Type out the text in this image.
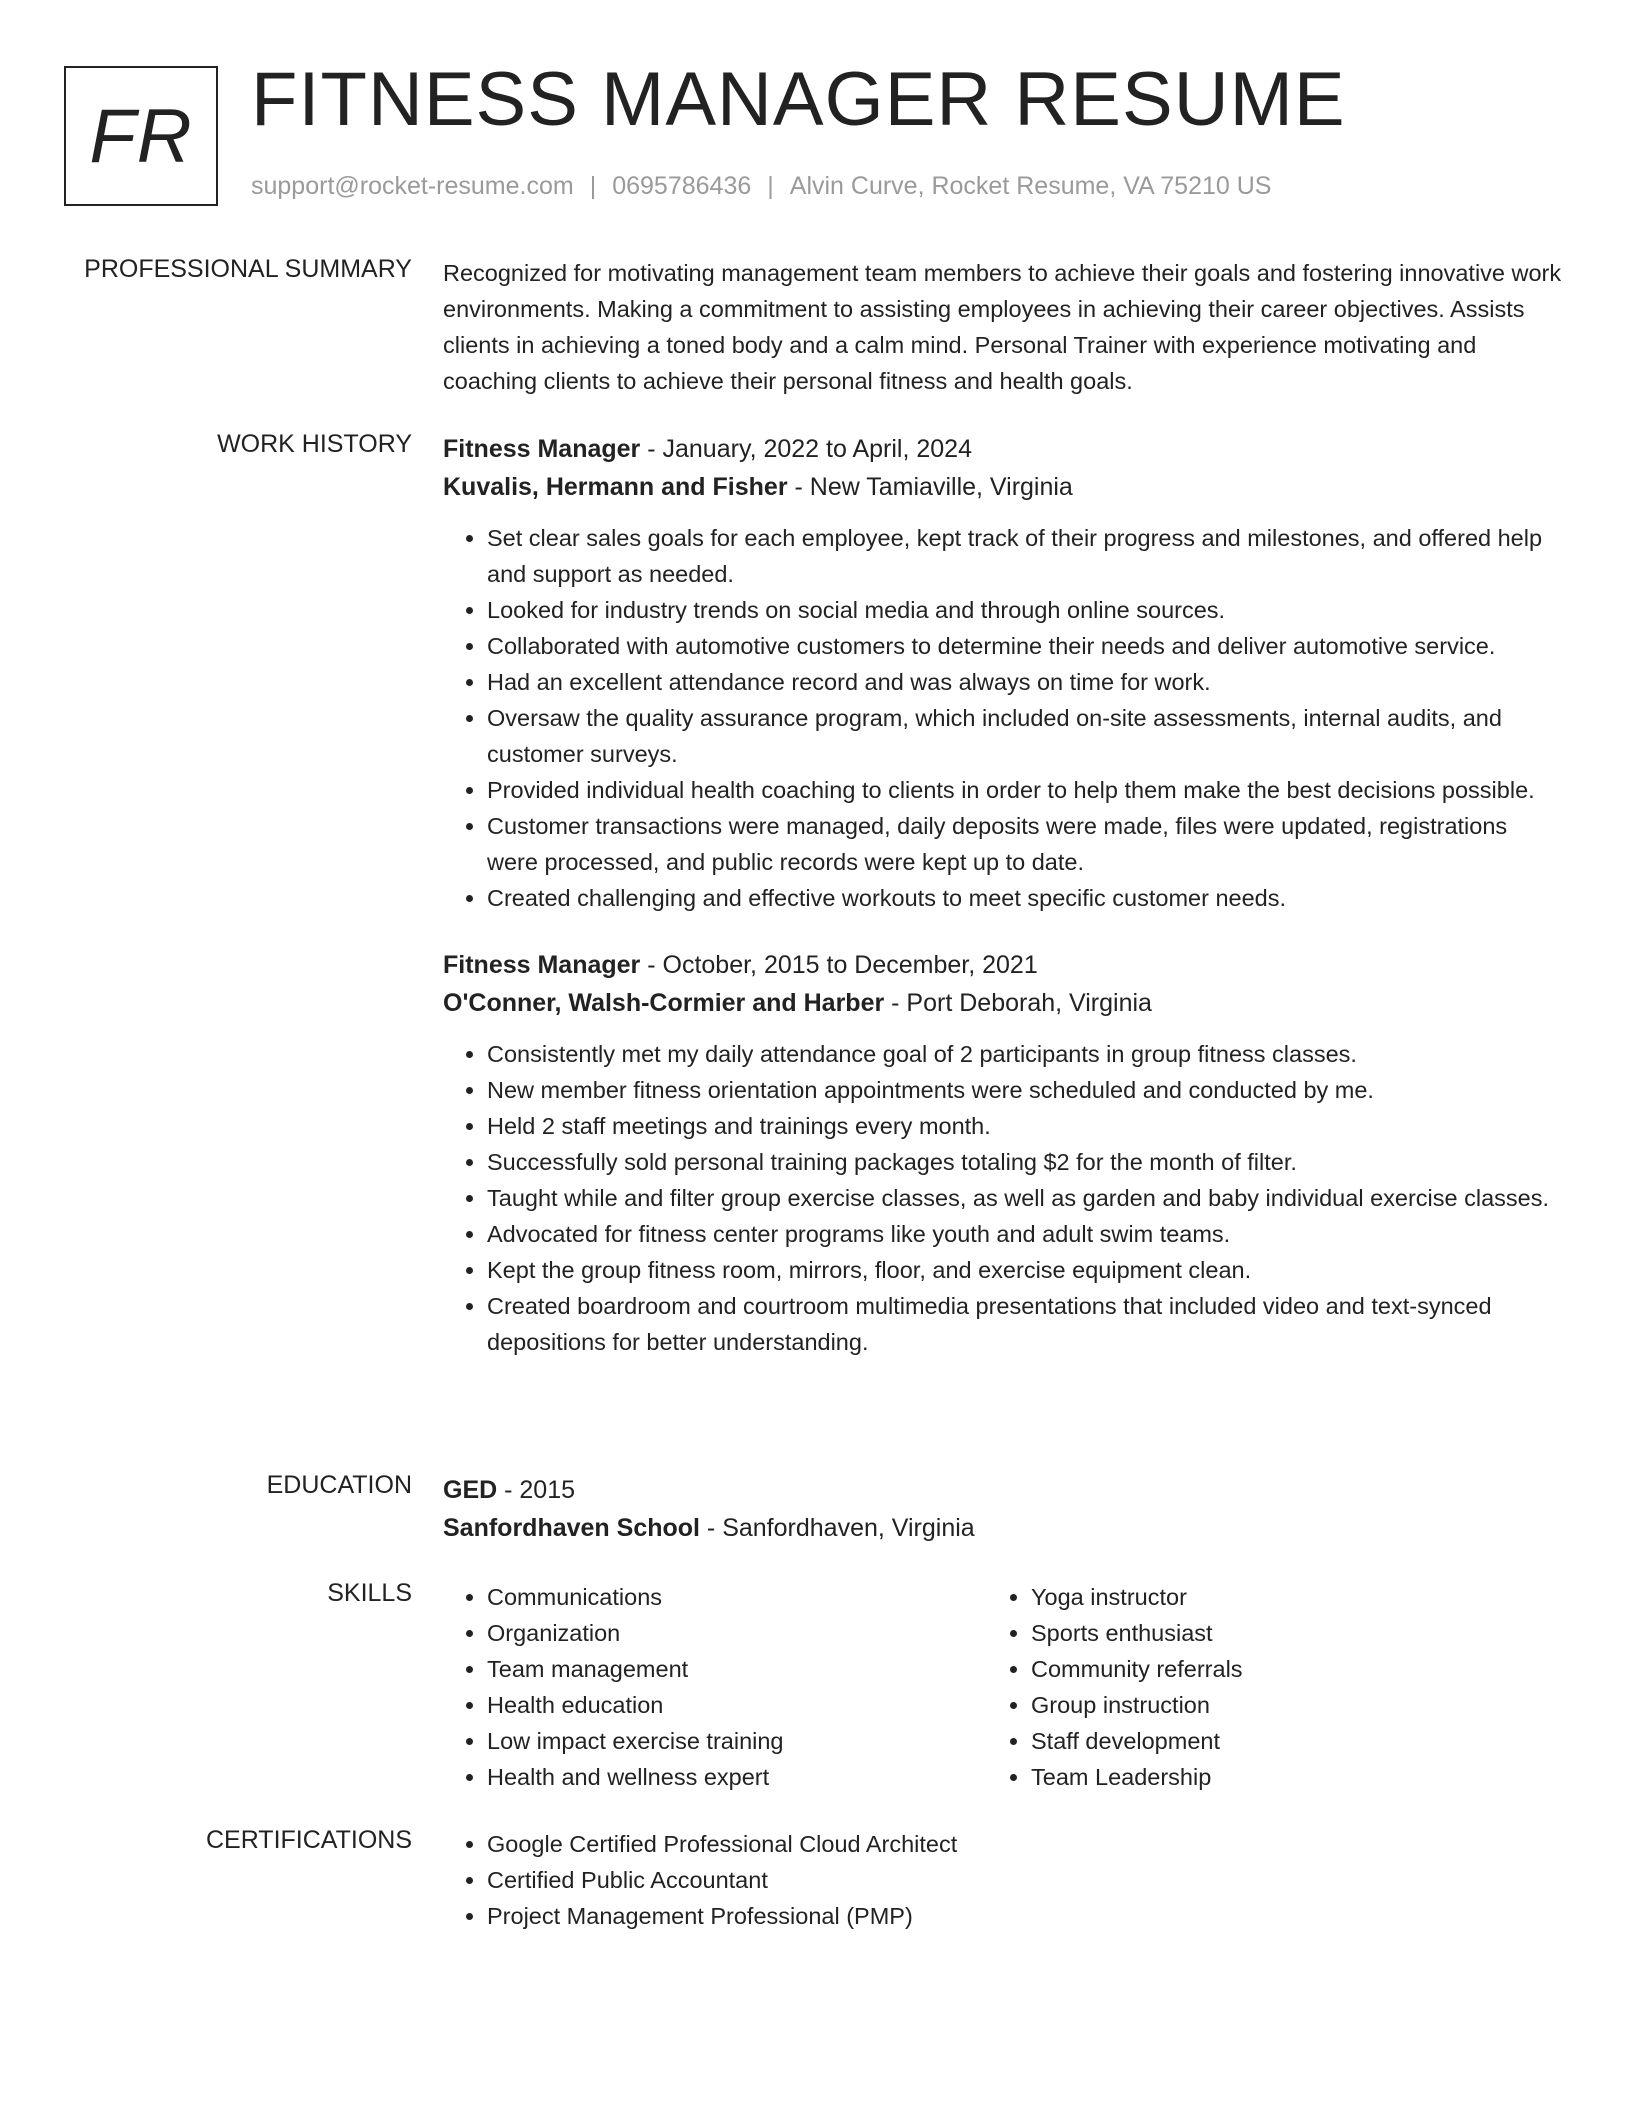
FR FITNESS MANAGER RESUME
support@rocket-resume.com | 0695786436 | Alvin Curve, Rocket Resume, VA 75210 US
PROFESSIONAL SUMMARY Recognized for motivating management team members to achieve their goals and fostering innovative work environments. Making a commitment to assisting employees in achieving their career objectives. Assists clients in achieving a toned body and a calm mind. Personal Trainer with experience motivating and coaching clients to achieve their personal fitness and health goals.

WORK HISTORY Fitness Manager - January, 2022 to April, 2024
Kuvalis, Hermann and Fisher - New Tamiaville, Virginia
• Set clear sales goals for each employee, kept track of their progress and milestones, and offered help and support as needed.
• Looked for industry trends on social media and through online sources.
• Collaborated with automotive customers to determine their needs and deliver automotive service.
• Had an excellent attendance record and was always on time for work.
• Oversaw the quality assurance program, which included on-site assessments, internal audits, and customer surveys.
• Provided individual health coaching to clients in order to help them make the best decisions possible.
• Customer transactions were managed, daily deposits were made, files were updated, registrations were processed, and public records were kept up to date.
• Created challenging and effective workouts to meet specific customer needs.
Fitness Manager - October, 2015 to December, 2021
O'Conner, Walsh-Cormier and Harber - Port Deborah, Virginia
• Consistently met my daily attendance goal of 2 participants in group fitness classes.
• New member fitness orientation appointments were scheduled and conducted by me.
• Held 2 staff meetings and trainings every month.
• Successfully sold personal training packages totaling $2 for the month of filter.
• Taught while and filter group exercise classes, as well as garden and baby individual exercise classes.
• Advocated for fitness center programs like youth and adult swim teams.
• Kept the group fitness room, mirrors, floor, and exercise equipment clean.
• Created boardroom and courtroom multimedia presentations that included video and text-synced depositions for better understanding.
EDUCATION GED - 2015
Sanfordhaven School - Sanfordhaven, Virginia
SKILLS	• Communications
• Organization
• Team management
• Health education
• Low impact exercise training
• Health and wellness expert
• Yoga instructor
• Sports enthusiast
• Community referrals
• Group instruction
• Staff development
• Team Leadership
CERTIFICATIONS	• Google Certified Professional Cloud Architect
• Certified Public Accountant
• Project Management Professional (PMP)
